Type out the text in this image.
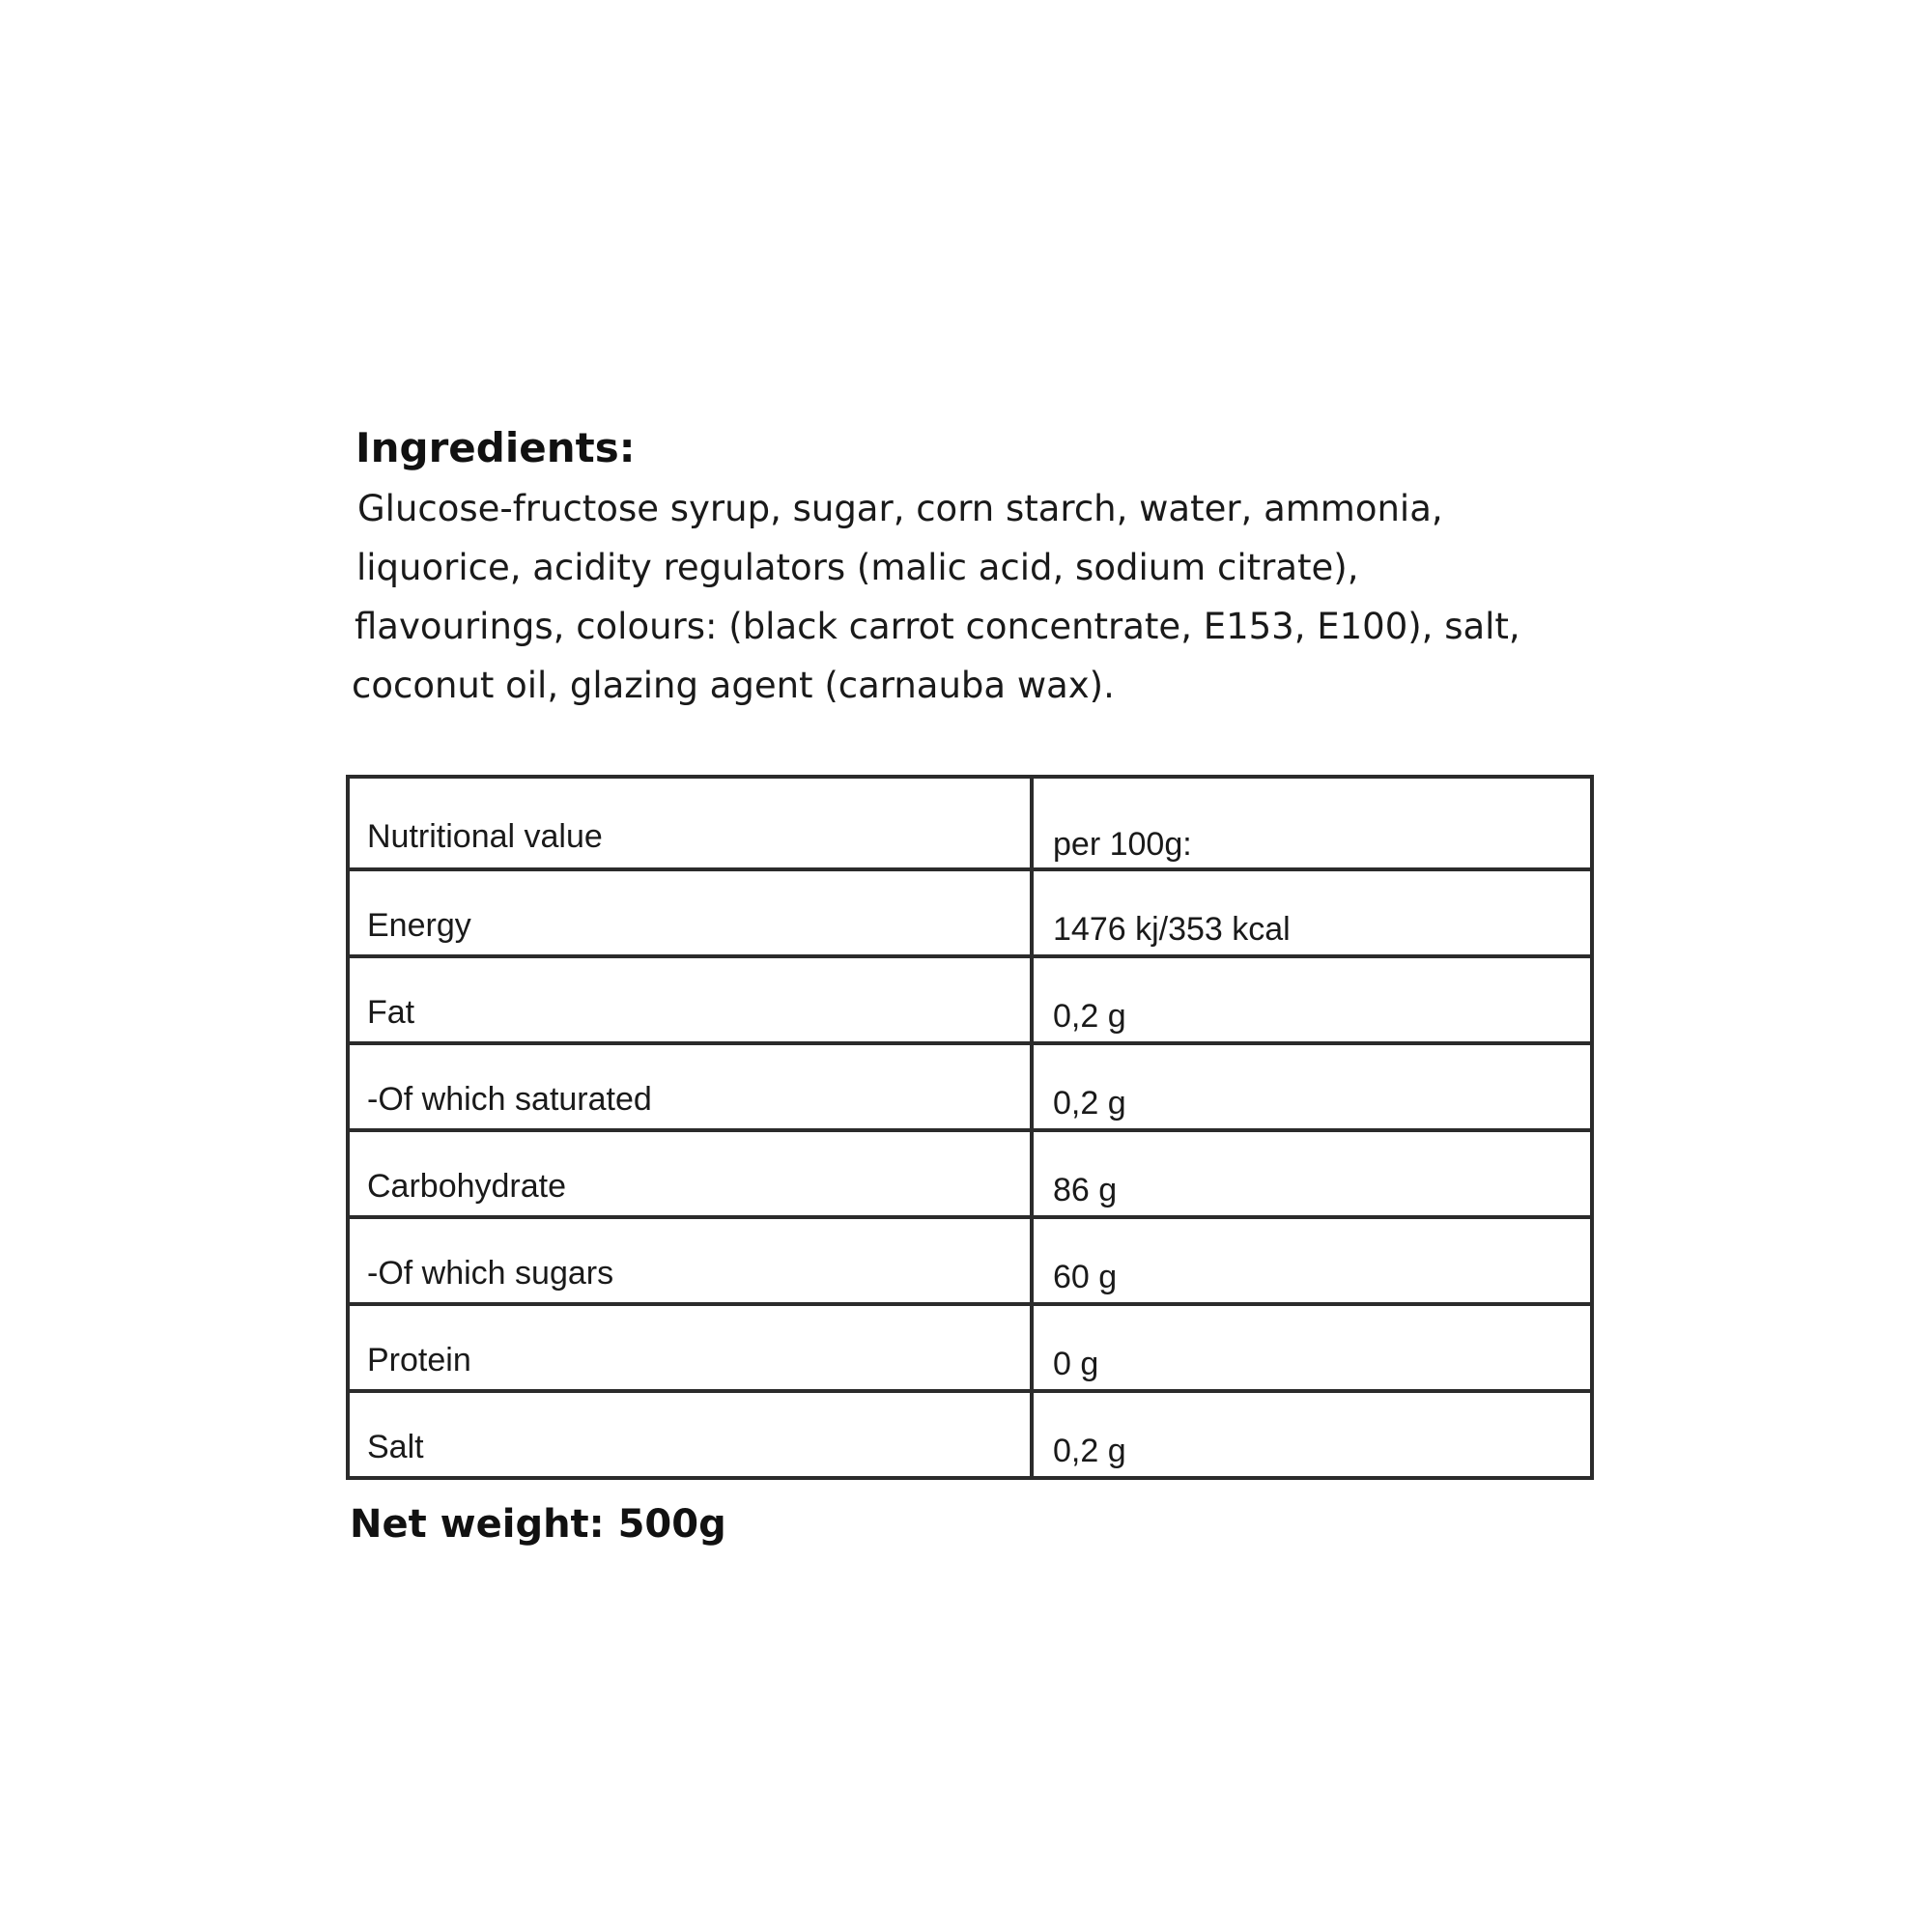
Ingredients:

Glucose-fructose syrup, sugar, corn starch, water, ammonia,
liquorice, acidity regulators (malic acid, sodium citrate),
flavourings, colours: (black carrot concentrate, E153, E100), salt,
coconut oil, glazing agent (carnauba wax).

Nutritional value	per 100g:
Energy	1476 kj/353 kcal
Fat	0,2 g
-Of which saturated	0,2 g
Carbohydrate	86 g
-Of which sugars	60 g
Protein	0 g
Salt	0,2 g
Net weight: 500g
